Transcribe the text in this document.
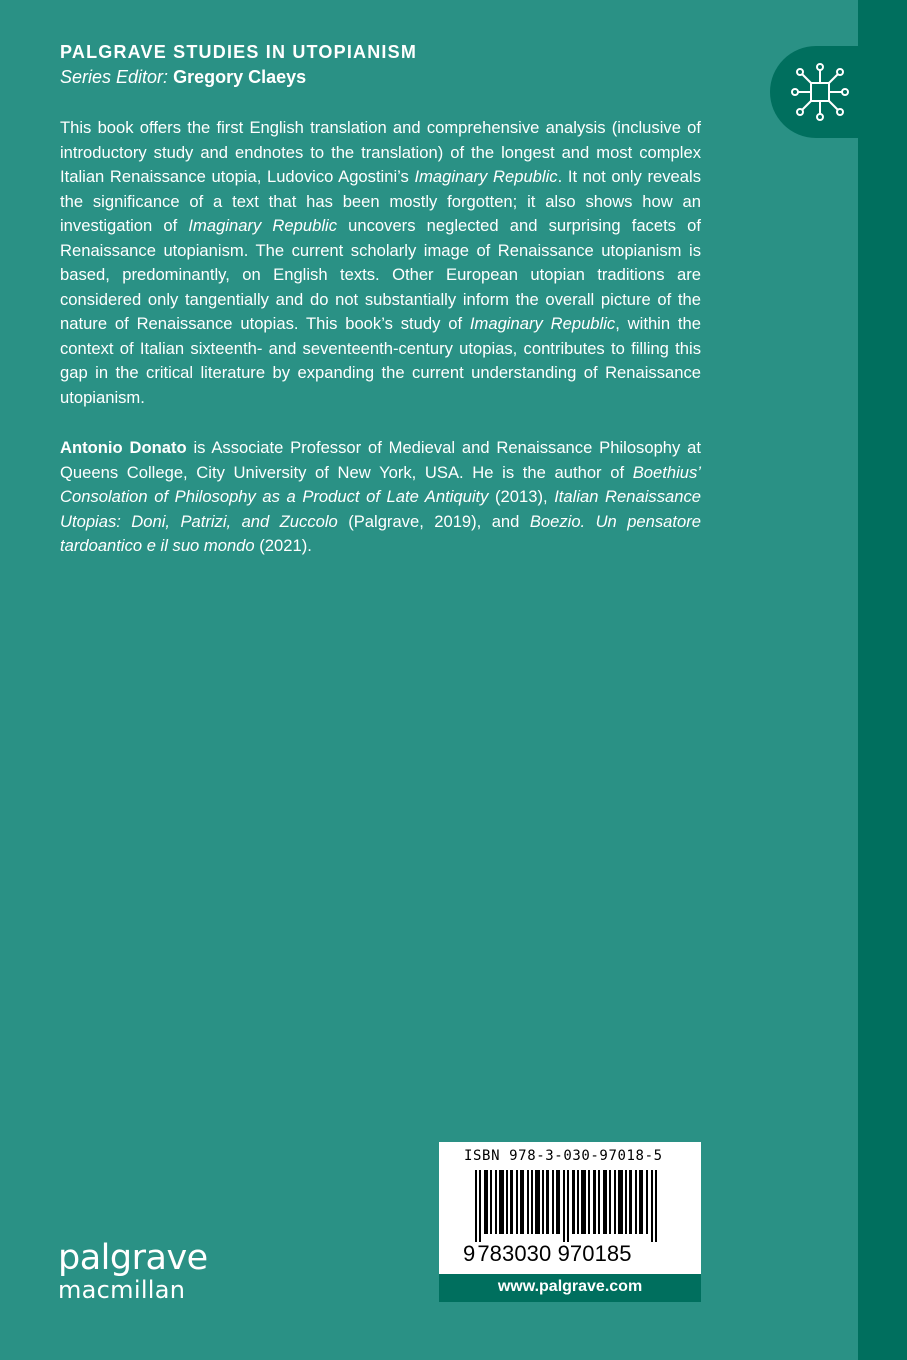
PALGRAVE STUDIES IN UTOPIANISM

Series Editor: Gregory Claeys

This book offers the first English translation and comprehensive analysis (inclusive of introductory study and endnotes to the translation) of the longest and most complex Italian Renaissance utopia, Ludovico Agostini’s Imaginary Republic. It not only reveals the significance of a text that has been mostly forgotten; it also shows how an investigation of Imaginary Republic uncovers neglected and surprising facets of Renaissance utopianism. The current scholarly image of Renaissance utopianism is based, predominantly, on English texts. Other European utopian traditions are considered only tangentially and do not substantially inform the overall picture of the nature of Renaissance utopias. This book’s study of Imaginary Republic, within the context of Italian sixteenth- and seventeenth-century utopias, contributes to filling this gap in the critical literature by expanding the current understanding of Renaissance utopianism.

Antonio Donato is Associate Professor of Medieval and Renaissance Philosophy at Queens College, City University of New York, USA. He is the author of Boethius’ Consolation of Philosophy as a Product of Late Antiquity (2013), Italian Renaissance Utopias: Doni, Patrizi, and Zuccolo (Palgrave, 2019), and Boezio. Un pensatore tardoantico e il suo mondo (2021).

ISBN 978-3-030-97018-5
9783030 970185
www.palgrave.com
palgrave
macmillan
